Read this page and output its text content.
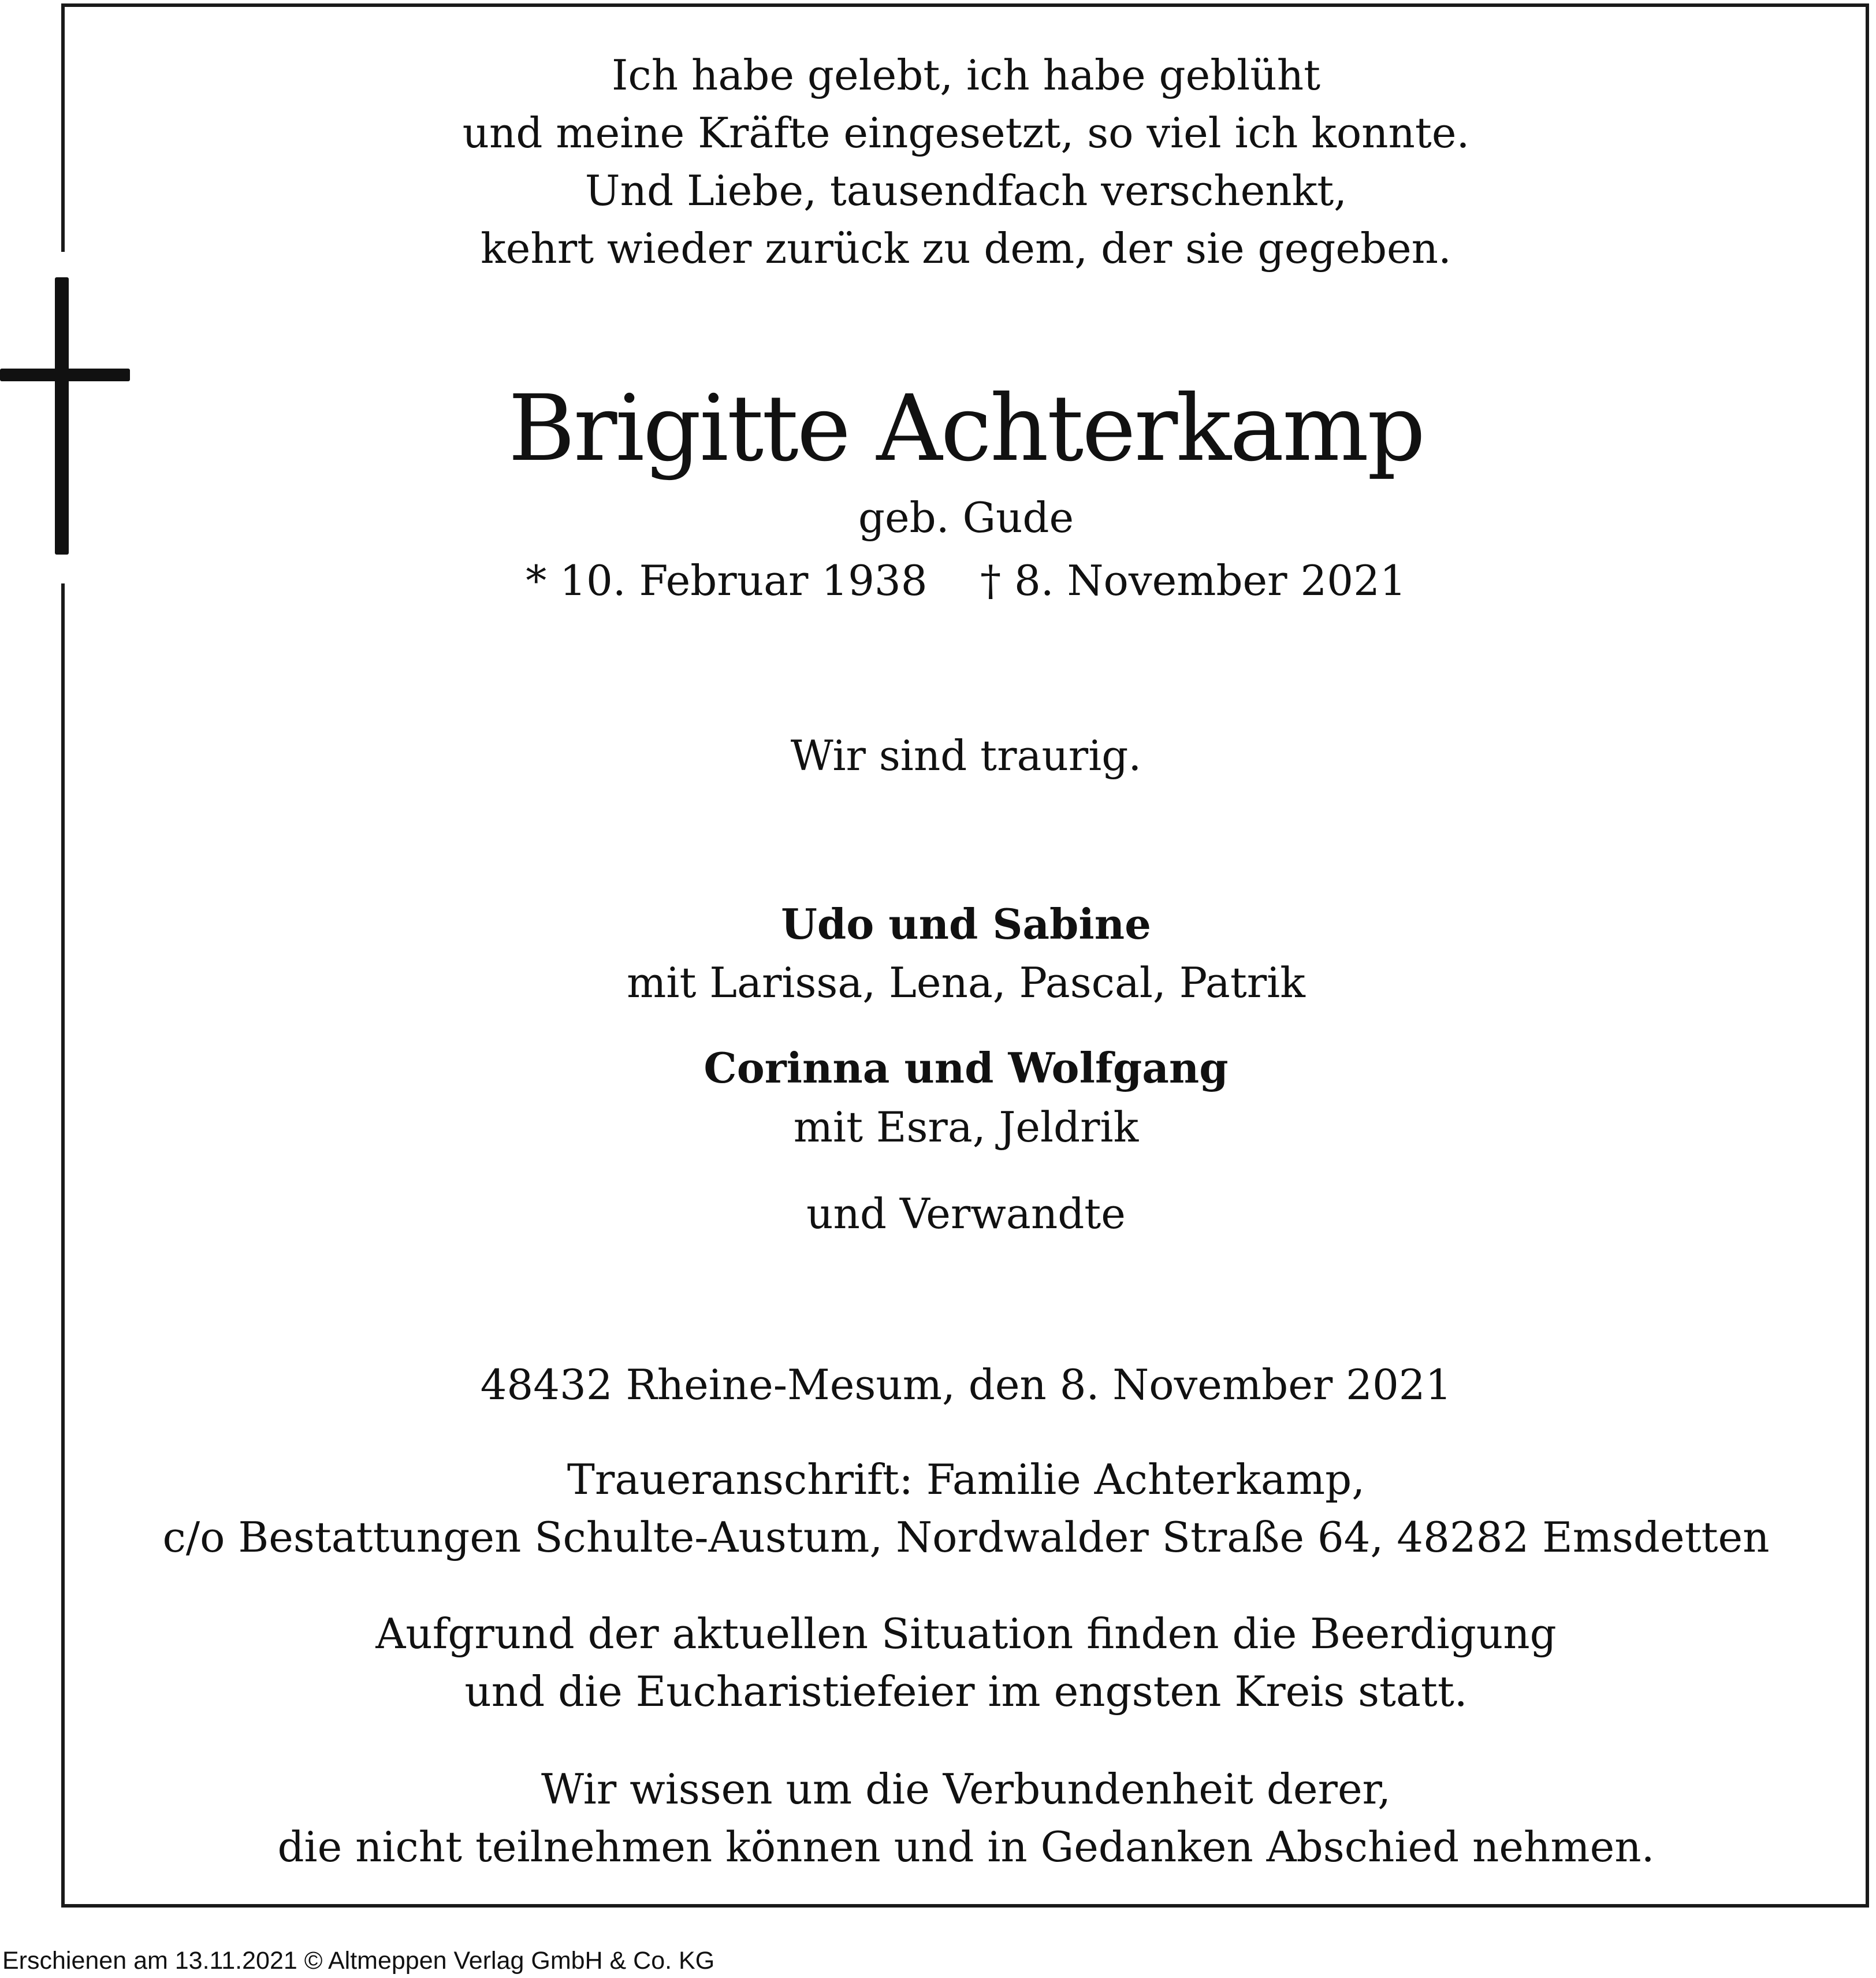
Ich habe gelebt, ich habe geblüht
und meine Kräfte eingesetzt, so viel ich konnte.
Und Liebe, tausendfach verschenkt,
kehrt wieder zurück zu dem, der sie gegeben.
Brigitte Achterkamp
geb. Gude
* 10. Februar 1938    † 8. November 2021
Wir sind traurig.
Udo und Sabine
mit Larissa, Lena, Pascal, Patrik
Corinna und Wolfgang
mit Esra, Jeldrik
und Verwandte
48432 Rheine-Mesum, den 8. November 2021
Traueranschrift: Familie Achterkamp,
c/o Bestattungen Schulte-Austum, Nordwalder Straße 64, 48282 Emsdetten
Aufgrund der aktuellen Situation finden die Beerdigung
und die Eucharistiefeier im engsten Kreis statt.
Wir wissen um die Verbundenheit derer,
die nicht teilnehmen können und in Gedanken Abschied nehmen.
Erschienen am 13.11.2021 © Altmeppen Verlag GmbH & Co. KG
